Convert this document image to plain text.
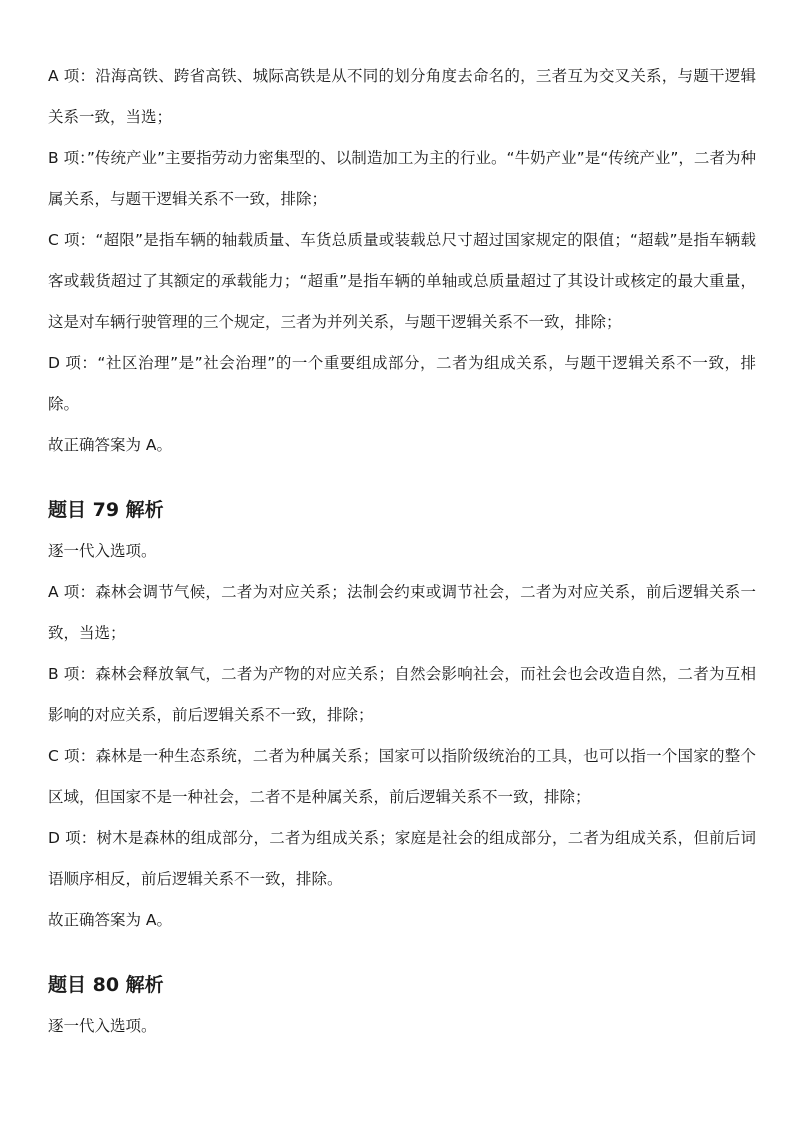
A 项：沿海高铁、跨省高铁、城际高铁是从不同的划分角度去命名的，三者互为交叉关系，与题干逻辑关系一致，当选；

B 项：”传统产业”主要指劳动力密集型的、以制造加工为主的行业。“牛奶产业”是“传统产业”，二者为种属关系，与题干逻辑关系不一致，排除；

C 项：“超限”是指车辆的轴载质量、车货总质量或装载总尺寸超过国家规定的限值；“超载”是指车辆载客或载货超过了其额定的承载能力；“超重”是指车辆的单轴或总质量超过了其设计或核定的最大重量，这是对车辆行驶管理的三个规定，三者为并列关系，与题干逻辑关系不一致，排除；

D 项：“社区治理”是”社会治理”的一个重要组成部分，二者为组成关系，与题干逻辑关系不一致，排除。

故正确答案为 A。

题目 79 解析

逐一代入选项。

A 项：森林会调节气候，二者为对应关系；法制会约束或调节社会，二者为对应关系，前后逻辑关系一致，当选；

B 项：森林会释放氧气，二者为产物的对应关系；自然会影响社会，而社会也会改造自然，二者为互相影响的对应关系，前后逻辑关系不一致，排除；

C 项：森林是一种生态系统，二者为种属关系；国家可以指阶级统治的工具，也可以指一个国家的整个区域，但国家不是一种社会，二者不是种属关系，前后逻辑关系不一致，排除；

D 项：树木是森林的组成部分，二者为组成关系；家庭是社会的组成部分，二者为组成关系，但前后词语顺序相反，前后逻辑关系不一致，排除。

故正确答案为 A。

题目 80 解析

逐一代入选项。
